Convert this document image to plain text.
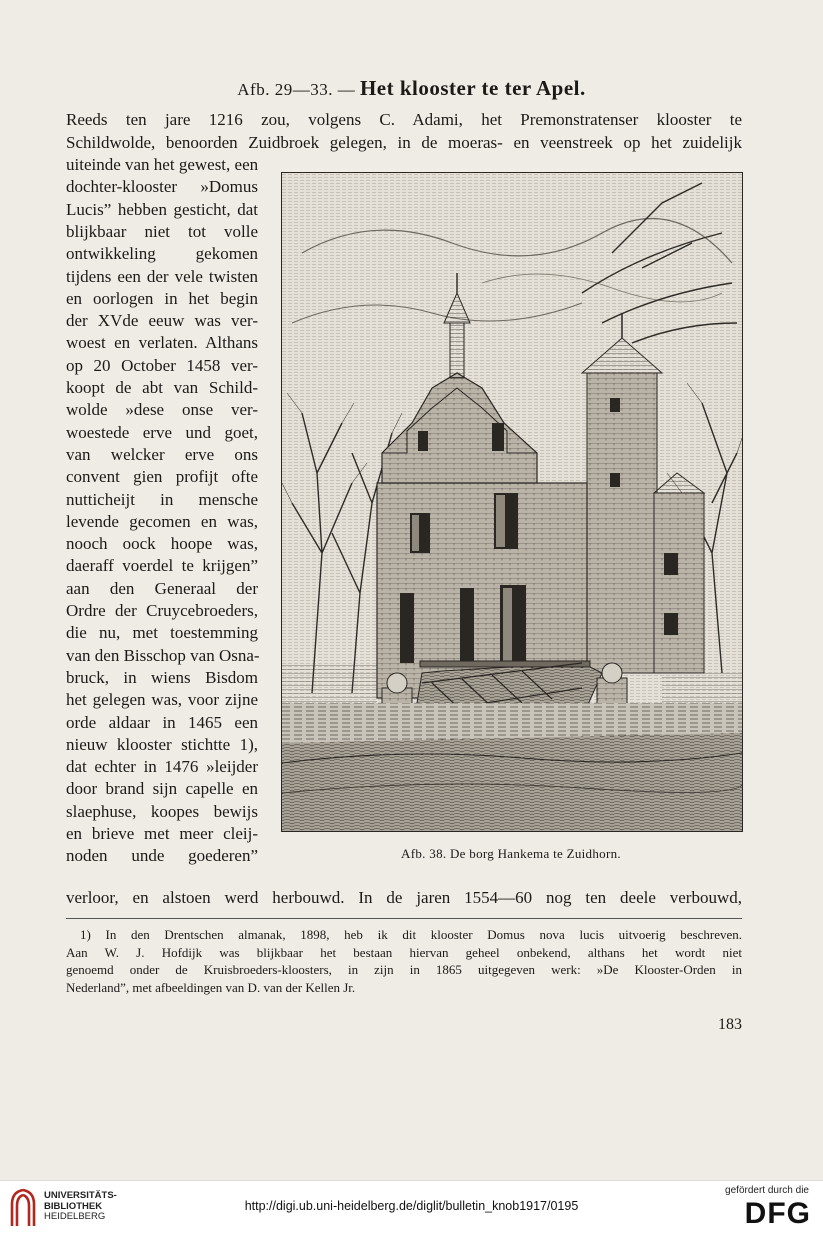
Afb. 29—33. — Het klooster te ter Apel.
Reeds ten jare 1216 zou, volgens C. Adami, het Premonstratenser klooster te
Schildwolde, benoorden Zuidbroek gelegen, in de moeras- en veenstreek op het zuidelijk
uiteinde van het gewest, een
dochter-klooster »Domus
Lucis” hebben gesticht, dat
blijkbaar niet tot volle
ontwikkeling gekomen
tijdens een der vele twisten
en oorlogen in het begin
der XVde eeuw was ver-
woest en verlaten. Althans
op 20 October 1458 ver-
koopt de abt van Schild-
wolde »dese onse ver-
woestede erve und goet,
van welcker erve ons
convent gien profijt ofte
nutticheijt in mensche
levende gecomen en was,
nooch oock hoope was,
daeraff voerdel te krijgen”
aan den Generaal der
Ordre der Cruycebroeders,
die nu, met toestemming
van den Bisschop van Osna-
bruck, in wiens Bisdom
het gelegen was, voor zijne
orde aldaar in 1465 een
nieuw klooster stichtte 1),
dat echter in 1476 »leijder
door brand sijn capelle en
slaephuse, koopes bewijs
en brieve met meer cleij-
noden unde goederen”
verloor, en alstoen werd herbouwd. In de jaren 1554—60 nog ten deele verbouwd,
Afb. 38. De borg Hankema te Zuidhorn.
1) In den Drentschen almanak, 1898, heb ik dit klooster Domus nova lucis uitvoerig beschreven.
Aan W. J. Hofdijk was blijkbaar het bestaan hiervan geheel onbekend, althans het wordt niet
genoemd onder de Kruisbroeders-kloosters, in zijn in 1865 uitgegeven werk: »De Klooster-Orden in
Nederland”, met afbeeldingen van D. van der Kellen Jr.
183
UNIVERSITÄTS-
BIBLIOTHEK
HEIDELBERG
http://digi.ub.uni-heidelberg.de/diglit/bulletin_knob1917/0195
gefördert durch die
DFG
